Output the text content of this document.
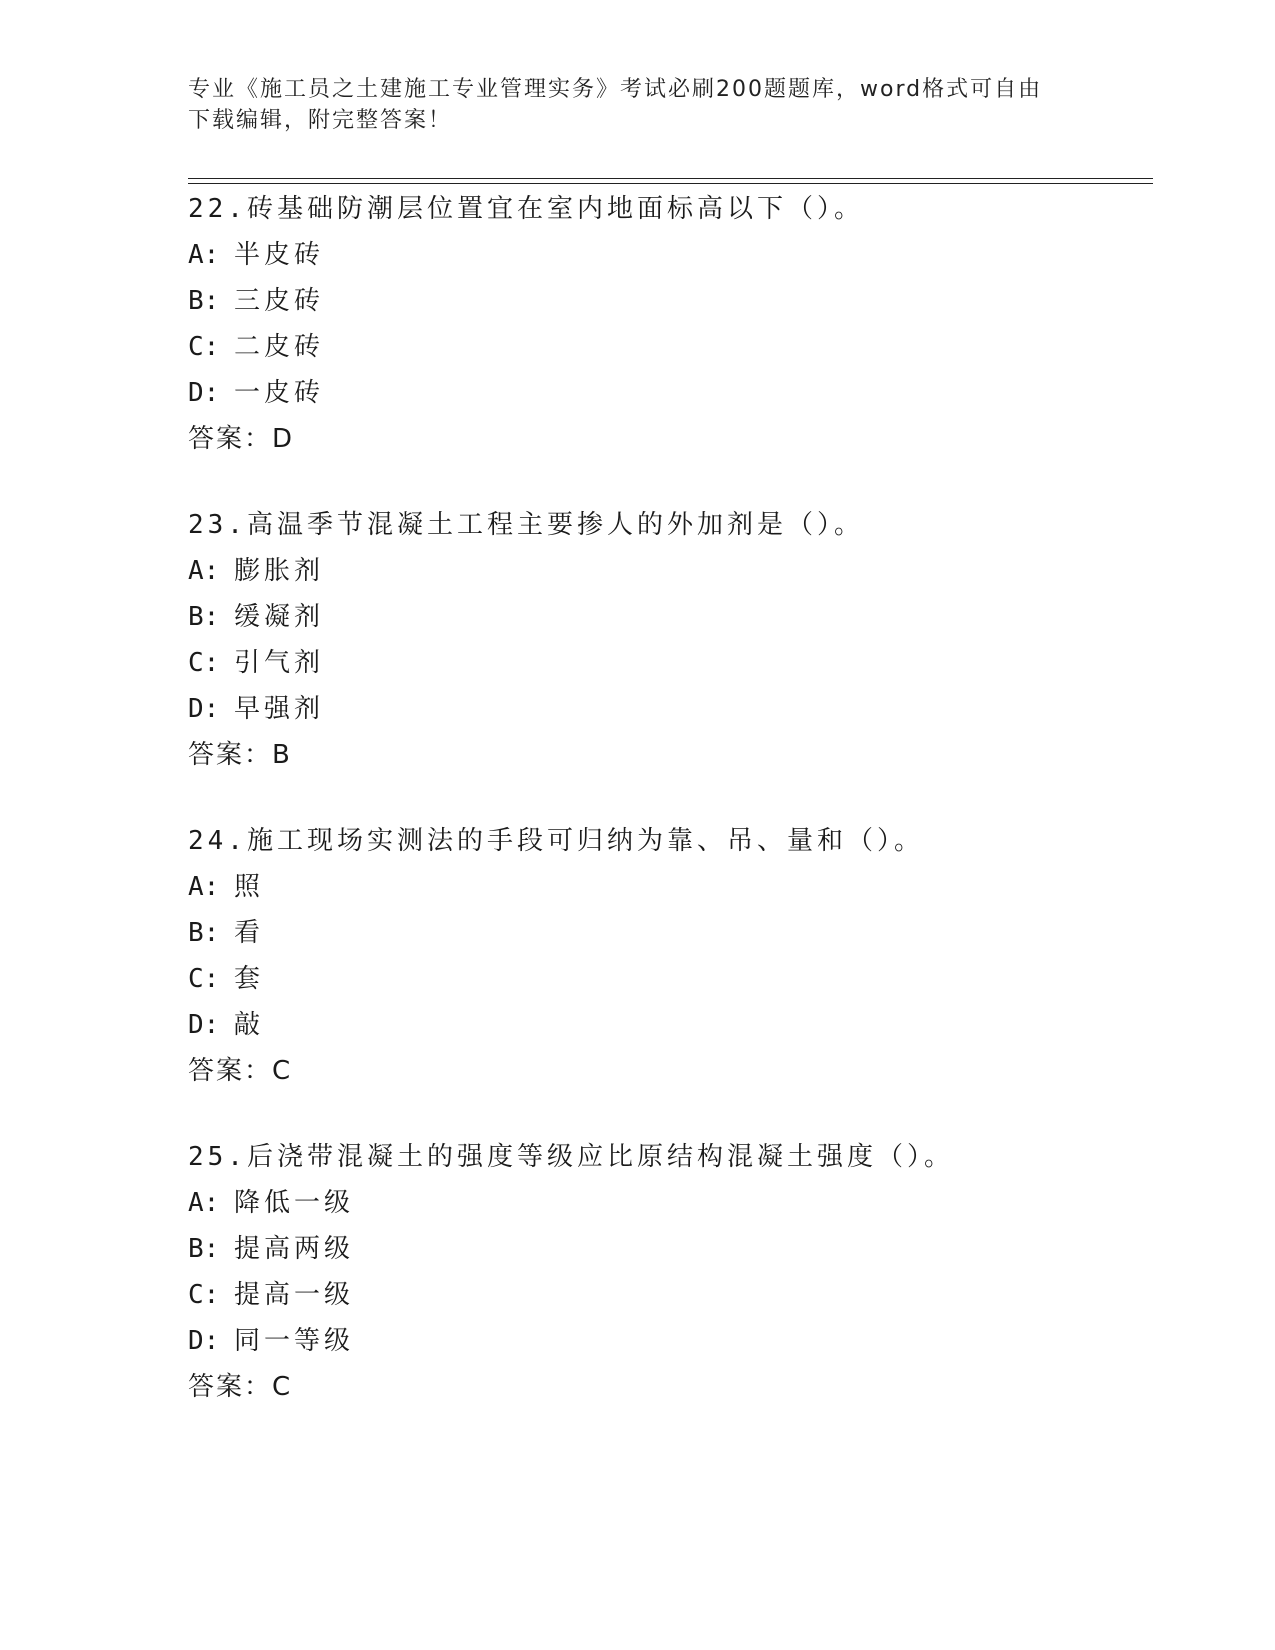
专业《施工员之土建施工专业管理实务》考试必刷200题题库，word格式可自由
下载编辑，附完整答案！
22.砖基础防潮层位置宜在室内地面标高以下（）。
A: 半皮砖
B: 三皮砖
C: 二皮砖
D: 一皮砖
答案：D
23.高温季节混凝土工程主要掺人的外加剂是（）。
A: 膨胀剂
B: 缓凝剂
C: 引气剂
D: 早强剂
答案：B
24.施工现场实测法的手段可归纳为靠、吊、量和（）。
A: 照
B: 看
C: 套
D: 敲
答案：C
25.后浇带混凝土的强度等级应比原结构混凝土强度（）。
A: 降低一级
B: 提高两级
C: 提高一级
D: 同一等级
答案：C
